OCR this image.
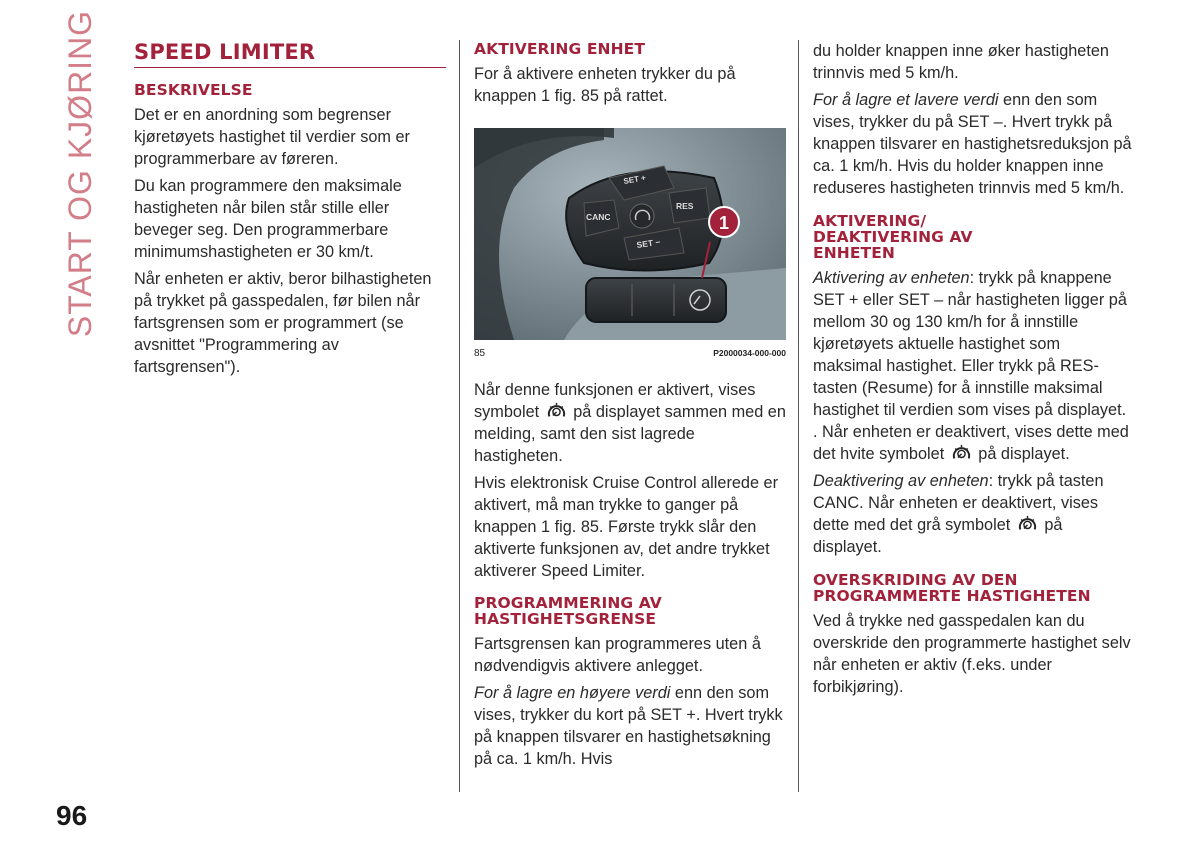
START OG KJØRING
96
SPEED LIMITER
BESKRIVELSE

Det er en anordning som begrenser kjøretøyets hastighet til verdier som er programmerbare av føreren.

Du kan programmere den maksimale hastigheten når bilen står stille eller beveger seg. Den programmerbare minimumshastigheten er 30 km/t.

Når enheten er aktiv, beror bilhastigheten på trykket på gasspedalen, før bilen når fartsgrensen som er programmert (se avsnittet "Programmering av fartsgrensen").

AKTIVERING ENHET

For å aktivere enheten trykker du på knappen 1 fig. 85 på rattet.

SET +
CANC
RES
SET −
1
85	P2000034-000-000

Når denne funksjonen er aktivert, vises symbolet på displayet sammen med en melding, samt den sist lagrede hastigheten.

Hvis elektronisk Cruise Control allerede er aktivert, må man trykke to ganger på knappen 1 fig. 85. Første trykk slår den aktiverte funksjonen av, det andre trykket aktiverer Speed Limiter.

PROGRAMMERING AV HASTIGHETSGRENSE

Fartsgrensen kan programmeres uten å nødvendigvis aktivere anlegget.

For å lagre en høyere verdi enn den som vises, trykker du kort på SET +. Hvert trykk på knappen tilsvarer en hastighetsøkning på ca. 1 km/h. Hvis

du holder knappen inne øker hastigheten trinnvis med 5 km/h.

For å lagre et lavere verdi enn den som vises, trykker du på SET –. Hvert trykk på knappen tilsvarer en hastighetsreduksjon på ca. 1 km/h. Hvis du holder knappen inne reduseres hastigheten trinnvis med 5 km/h.

AKTIVERING/ DEAKTIVERING AV ENHETEN

Aktivering av enheten: trykk på knappene SET + eller SET – når hastigheten ligger på mellom 30 og 130 km/h for å innstille kjøretøyets aktuelle hastighet som maksimal hastighet. Eller trykk på RES-tasten (Resume) for å innstille maksimal hastighet til verdien som vises på displayet. . Når enheten er deaktivert, vises dette med det hvite symbolet på displayet.

Deaktivering av enheten: trykk på tasten CANC. Når enheten er deaktivert, vises dette med det grå symbolet på displayet.

OVERSKRIDING AV DEN PROGRAMMERTE HASTIGHETEN

Ved å trykke ned gasspedalen kan du overskride den programmerte hastighet selv når enheten er aktiv (f.eks. under forbikjøring).
